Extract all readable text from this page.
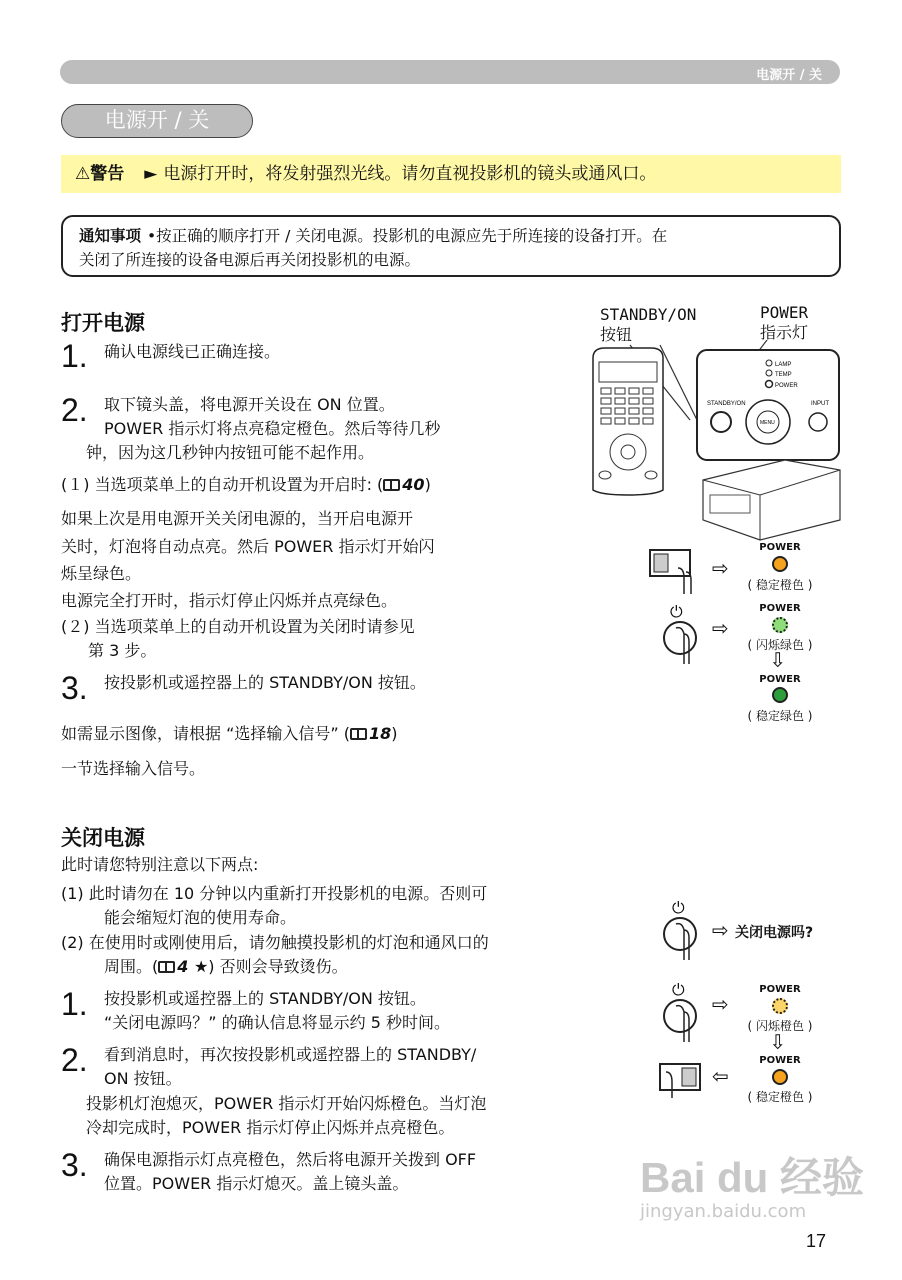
电源开 / 关
电源开 / 关
⚠警告 ► 电源打开时，将发射强烈光线。请勿直视投影机的镜头或通风口。
通知事项 •按正确的顺序打开 / 关闭电源。投影机的电源应先于所连接的设备打开。在
关闭了所连接的设备电源后再关闭投影机的电源。
打开电源
1. 确认电源线已正确连接。
2. 取下镜头盖，将电源开关设在 ON 位置。
POWER 指示灯将点亮稳定橙色。然后等待几秒
钟，因为这几秒钟内按钮可能不起作用。
(１) 当选项菜单上的自动开机设置为开启时: ( 40)
如果上次是用电源开关关闭电源的，当开启电源开
关时，灯泡将自动点亮。然后 POWER 指示灯开始闪
烁呈绿色。
电源完全打开时，指示灯停止闪烁并点亮绿色。
(２) 当选项菜单上的自动开机设置为关闭时请参见
第 3 步。
3. 按投影机或遥控器上的 STANDBY/ON 按钮。
如需显示图像，请根据 “选择输入信号” ( 18)
一节选择输入信号。
STANDBY/ON
按钮
POWER
指示灯
LAMP
TEMP
POWER
STANDBY/ON
MENU
INPUT
⇨
POWER
( 稳定橙色 )
⏻
⇨
POWER
( 闪烁绿色 )
⇨
POWER
( 稳定绿色 )
关闭电源
此时请您特别注意以下两点:
(1) 此时请勿在 10 分钟以内重新打开投影机的电源。否则可
能会缩短灯泡的使用寿命。
(2) 在使用时或刚使用后，请勿触摸投影机的灯泡和通风口的
周围。( 4 ★) 否则会导致烫伤。
1. 按投影机或遥控器上的 STANDBY/ON 按钮。
“关闭电源吗？” 的确认信息将显示约 5 秒时间。
2. 看到消息时，再次按投影机或遥控器上的 STANDBY/
ON 按钮。
投影机灯泡熄灭，POWER 指示灯开始闪烁橙色。当灯泡
冷却完成时，POWER 指示灯停止闪烁并点亮橙色。
3. 确保电源指示灯点亮橙色，然后将电源开关拨到 OFF
位置。POWER 指示灯熄灭。盖上镜头盖。
⏻
⇨ 关闭电源吗?
⏻
⇨
POWER
( 闪烁橙色 )
⇨
POWER
⇦
( 稳定橙色 )
Bai du 经验
jingyan.baidu.com
17
